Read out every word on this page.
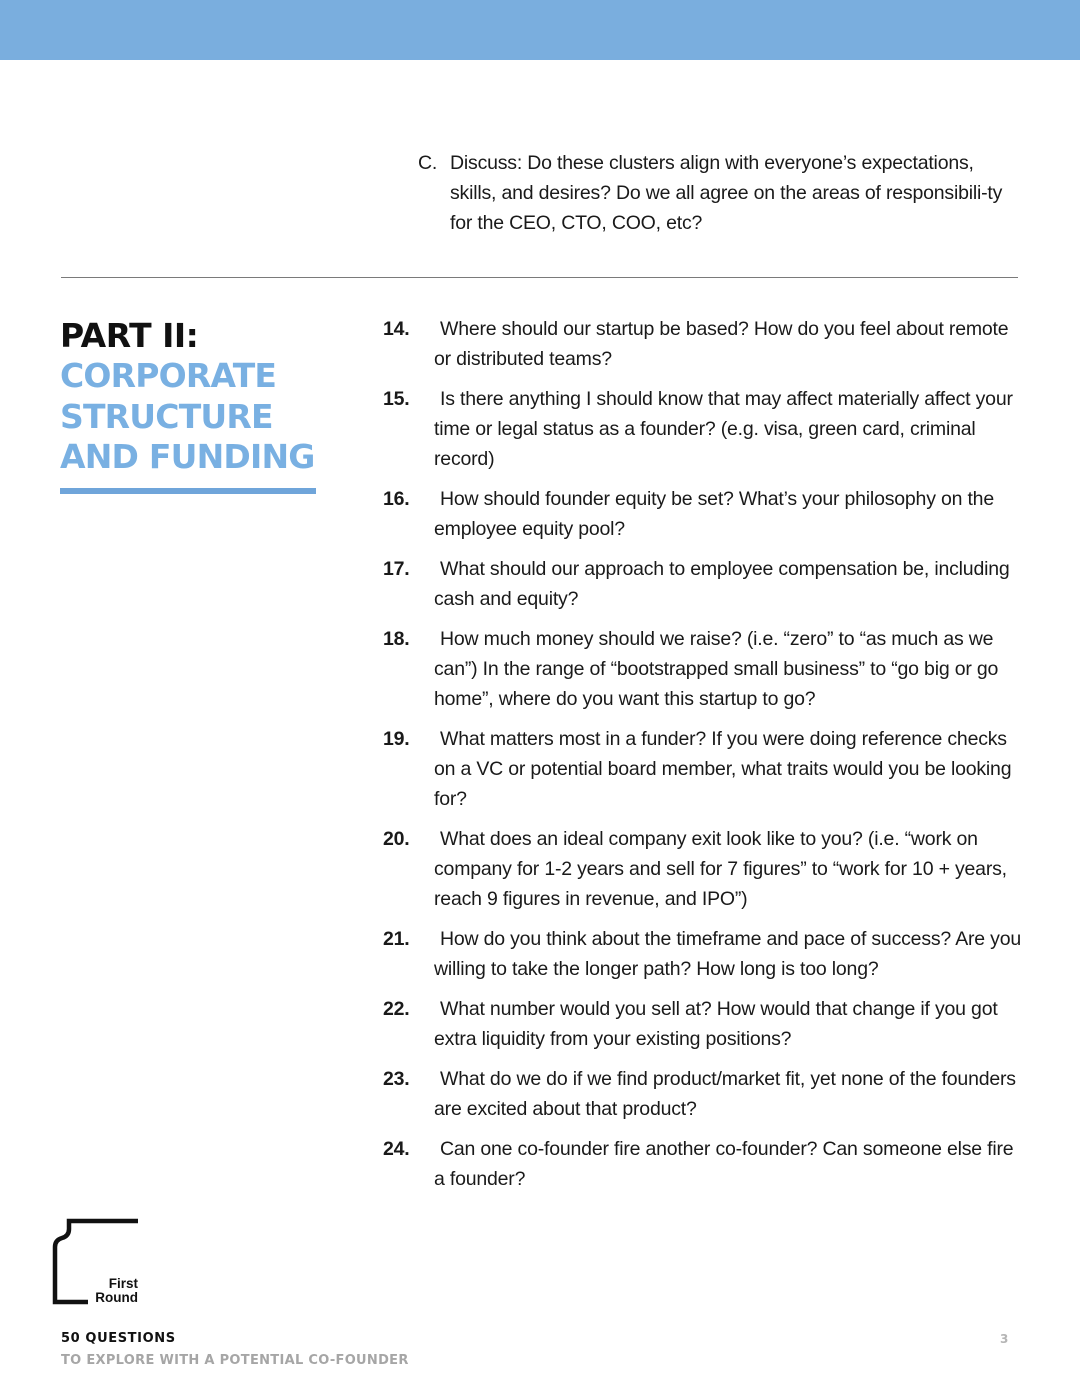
C. Discuss: Do these clusters align with everyone’s expectations, skills, and desires? Do we all agree on the areas of responsibili-ty for the CEO, CTO, COO, etc?
PART II:
CORPORATE
STRUCTURE
AND FUNDING
14.	Where should our startup be based? How do you feel about remote or distributed teams?
15.	Is there anything I should know that may affect materially affect your time or legal status as a founder? (e.g. visa, green card, criminal record)
16.	How should founder equity be set? What’s your philosophy on the employee equity pool?
17.	What should our approach to employee compensation be, including cash and equity?
18.	How much money should we raise? (i.e. “zero” to “as much as we can”) In the range of “bootstrapped small business” to “go big or go home”, where do you want this startup to go?
19.	What matters most in a funder? If you were doing reference checks on a VC or potential board member, what traits would you be looking for?
20.	What does an ideal company exit look like to you? (i.e. “work on company for 1-2 years and sell for 7 figures” to “work for 10 + years, reach 9 figures in revenue, and IPO”)
21.	How do you think about the timeframe and pace of success? Are you willing to take the longer path? How long is too long?
22.	What number would you sell at? How would that change if you got extra liquidity from your existing positions?
23.	What do we do if we find product/market fit, yet none of the founders are excited about that product?
24.	Can one co-founder fire another co-founder? Can someone else fire a founder?
First
Round
50 QUESTIONS
TO EXPLORE WITH A POTENTIAL CO-FOUNDER
3
